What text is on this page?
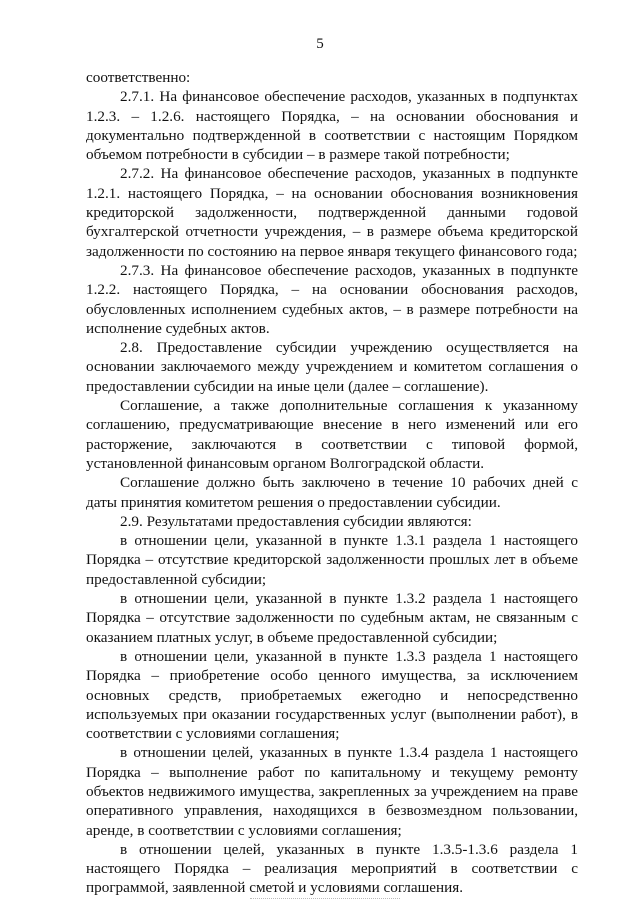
5

соответственно:

2.7.1. На финансовое обеспечение расходов, указанных в подпунктах 1.2.3. – 1.2.6. настоящего Порядка, – на основании обоснования и документально подтвержденной в соответствии с настоящим Порядком объемом потребности в субсидии – в размере такой потребности;

2.7.2. На финансовое обеспечение расходов, указанных в подпункте 1.2.1. настоящего Порядка, – на основании обоснования возникновения кредиторской задолженности, подтвержденной данными годовой бухгалтерской отчетности учреждения, – в размере объема кредиторской задолженности по состоянию на первое января текущего финансового года;

2.7.3. На финансовое обеспечение расходов, указанных в подпункте 1.2.2. настоящего Порядка, – на основании обоснования расходов, обусловленных исполнением судебных актов, – в размере потребности на исполнение судебных актов.

2.8. Предоставление субсидии учреждению осуществляется на основании заключаемого между учреждением и комитетом соглашения о предоставлении субсидии на иные цели (далее – соглашение).

Соглашение, а также дополнительные соглашения к указанному соглашению, предусматривающие внесение в него изменений или его расторжение, заключаются в соответствии с типовой формой, установленной финансовым органом Волгоградской области.

Соглашение должно быть заключено в течение 10 рабочих дней с даты принятия комитетом решения о предоставлении субсидии.

2.9. Результатами предоставления субсидии являются:

в отношении цели, указанной в пункте 1.3.1 раздела 1 настоящего Порядка – отсутствие кредиторской задолженности прошлых лет в объеме предоставленной субсидии;

в отношении цели, указанной в пункте 1.3.2 раздела 1 настоящего Порядка – отсутствие задолженности по судебным актам, не связанным с оказанием платных услуг, в объеме предоставленной субсидии;

в отношении цели, указанной в пункте 1.3.3 раздела 1 настоящего Порядка – приобретение особо ценного имущества, за исключением основных средств, приобретаемых ежегодно и непосредственно используемых при оказании государственных услуг (выполнении работ), в соответствии с условиями соглашения;

в отношении целей, указанных в пункте 1.3.4 раздела 1 настоящего Порядка – выполнение работ по капитальному и текущему ремонту объектов недвижимого имущества, закрепленных за учреждением на праве оперативного управления, находящихся в безвозмездном пользовании, аренде, в соответствии с условиями соглашения;

в отношении целей, указанных в пункте 1.3.5-1.3.6 раздела 1 настоящего Порядка – реализация мероприятий в соответствии с программой, заявленной сметой и условиями соглашения.
